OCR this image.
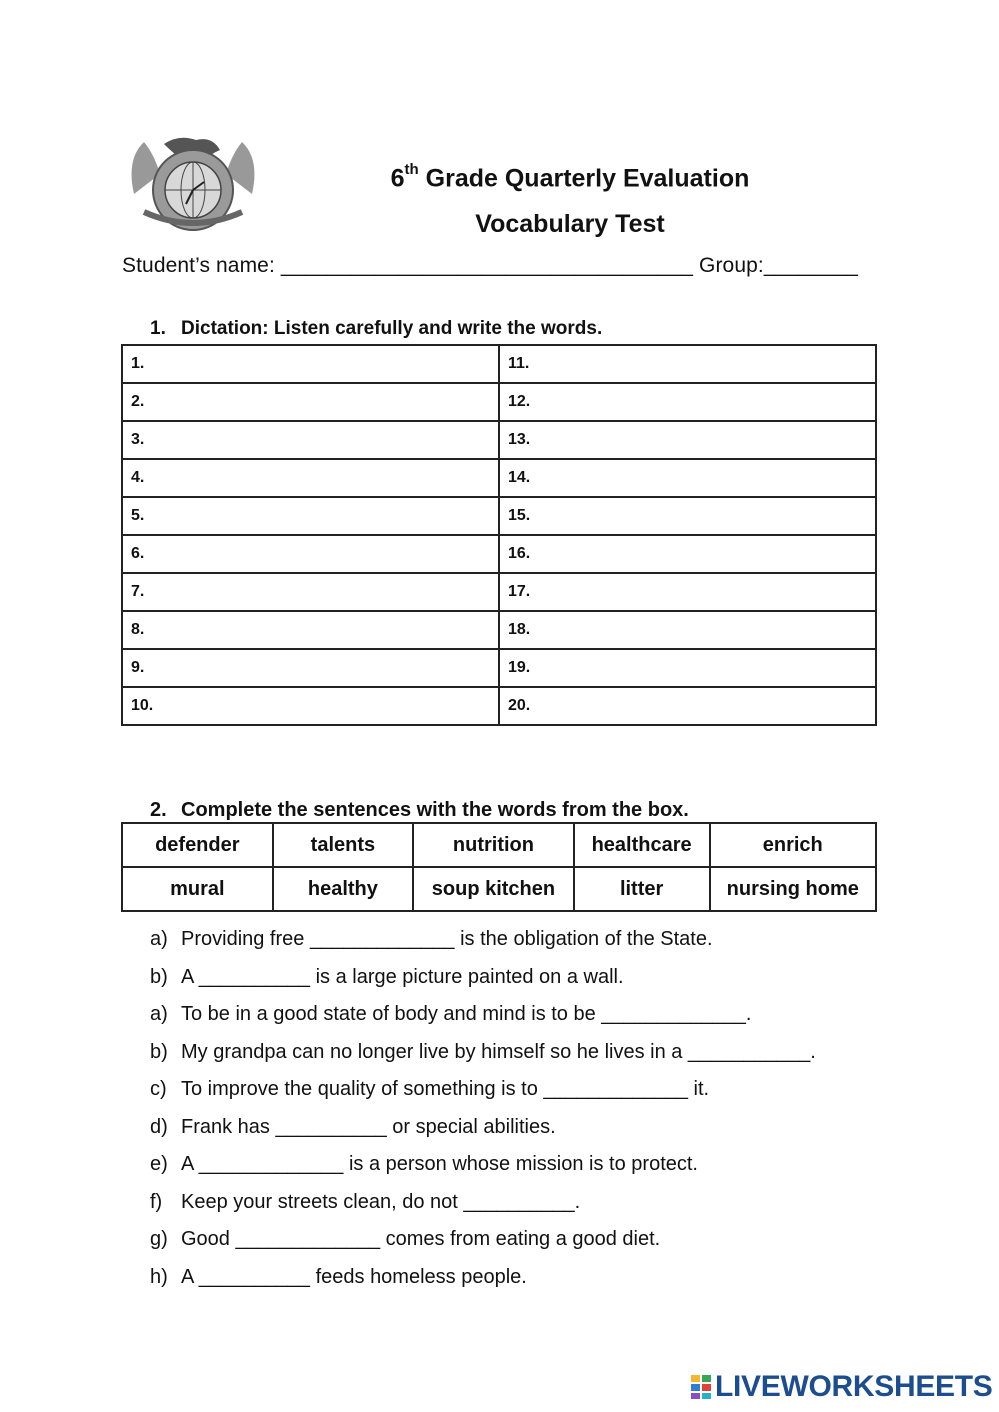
6th Grade Quarterly Evaluation
Vocabulary Test
Student’s name: ___________________________________ Group:________
1. Dictation: Listen carefully and write the words.
1.	11.
2.	12.
3.	13.
4.	14.
5.	15.
6.	16.
7.	17.
8.	18.
9.	19.
10.	20.
2. Complete the sentences with the words from the box.
defender	talents	nutrition	healthcare	enrich
mural	healthy	soup kitchen	litter	nursing home
a) Providing free _____________ is the obligation of the State.
b) A __________ is a large picture painted on a wall.
a) To be in a good state of body and mind is to be _____________.
b) My grandpa can no longer live by himself so he lives in a ___________.
c) To improve the quality of something is to _____________ it.
d) Frank has __________ or special abilities.
e) A _____________ is a person whose mission is to protect.
f) Keep your streets clean, do not __________.
g) Good _____________ comes from eating a good diet.
h) A __________ feeds homeless people.
LIVEWORKSHEETS
